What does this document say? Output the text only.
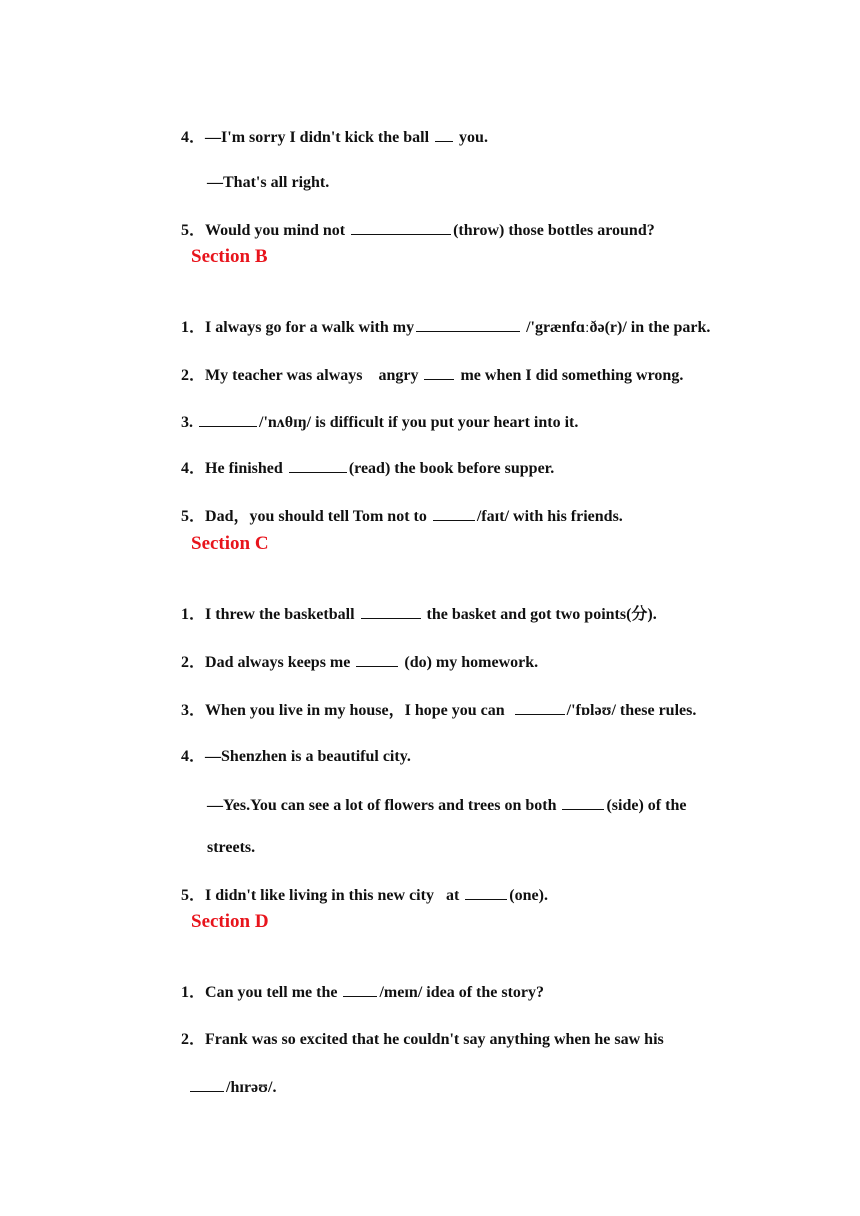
4．—I'm sorry I didn't kick the ball  you.

—That's all right.

5．Would you mind not	(throw) those bottles around?

Section B

1．I always go for a walk with my	/'grænfɑːðə(r)/ in the park.

2．My teacher was always    angry  me when I did something wrong.

3.	/'nʌθɪŋ/ is difficult if you put your heart into it.

4．He finished	(read) the book before supper.

5．Dad，you should tell Tom not to	/faɪt/ with his friends.

Section C

1．I threw the basketball	the basket and got two points(分).

2．Dad always keeps me	(do) my homework.

3．When you live in my house，I hope you can	/'fɒləʊ/ these rules.

4．—Shenzhen is a beautiful city.

—Yes.You can see a lot of flowers and trees on both	(side) of the

streets.

5．I didn't like living in this new city   at	(one).

Section D

1．Can you tell me the /meɪn/ idea of the story?

2．Frank was so excited that he couldn't say anything when he saw his

/hɪrəʊ/.
